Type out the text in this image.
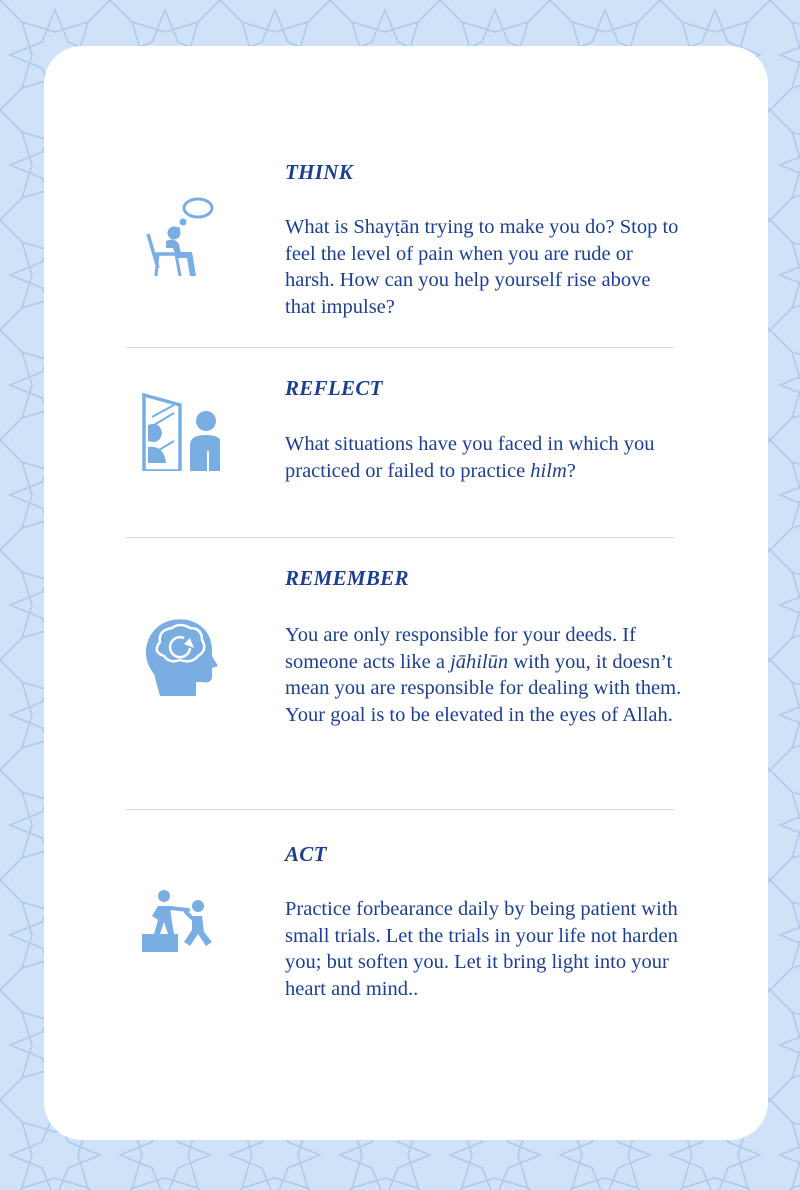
THINK
What is Shayṭān trying to make you do? Stop to feel the level of pain when you are rude or harsh. How can you help yourself rise above that impulse?
REFLECT
What situations have you faced in which you practiced or failed to practice hilm?
REMEMBER
You are only responsible for your deeds. If someone acts like a jāhilūn with you, it doesn’t mean you are responsible for dealing with them. Your goal is to be elevated in the eyes of Allah.
ACT
Practice forbearance daily by being patient with small trials. Let the trials in your life not harden you; but soften you. Let it bring light into your heart and mind..
